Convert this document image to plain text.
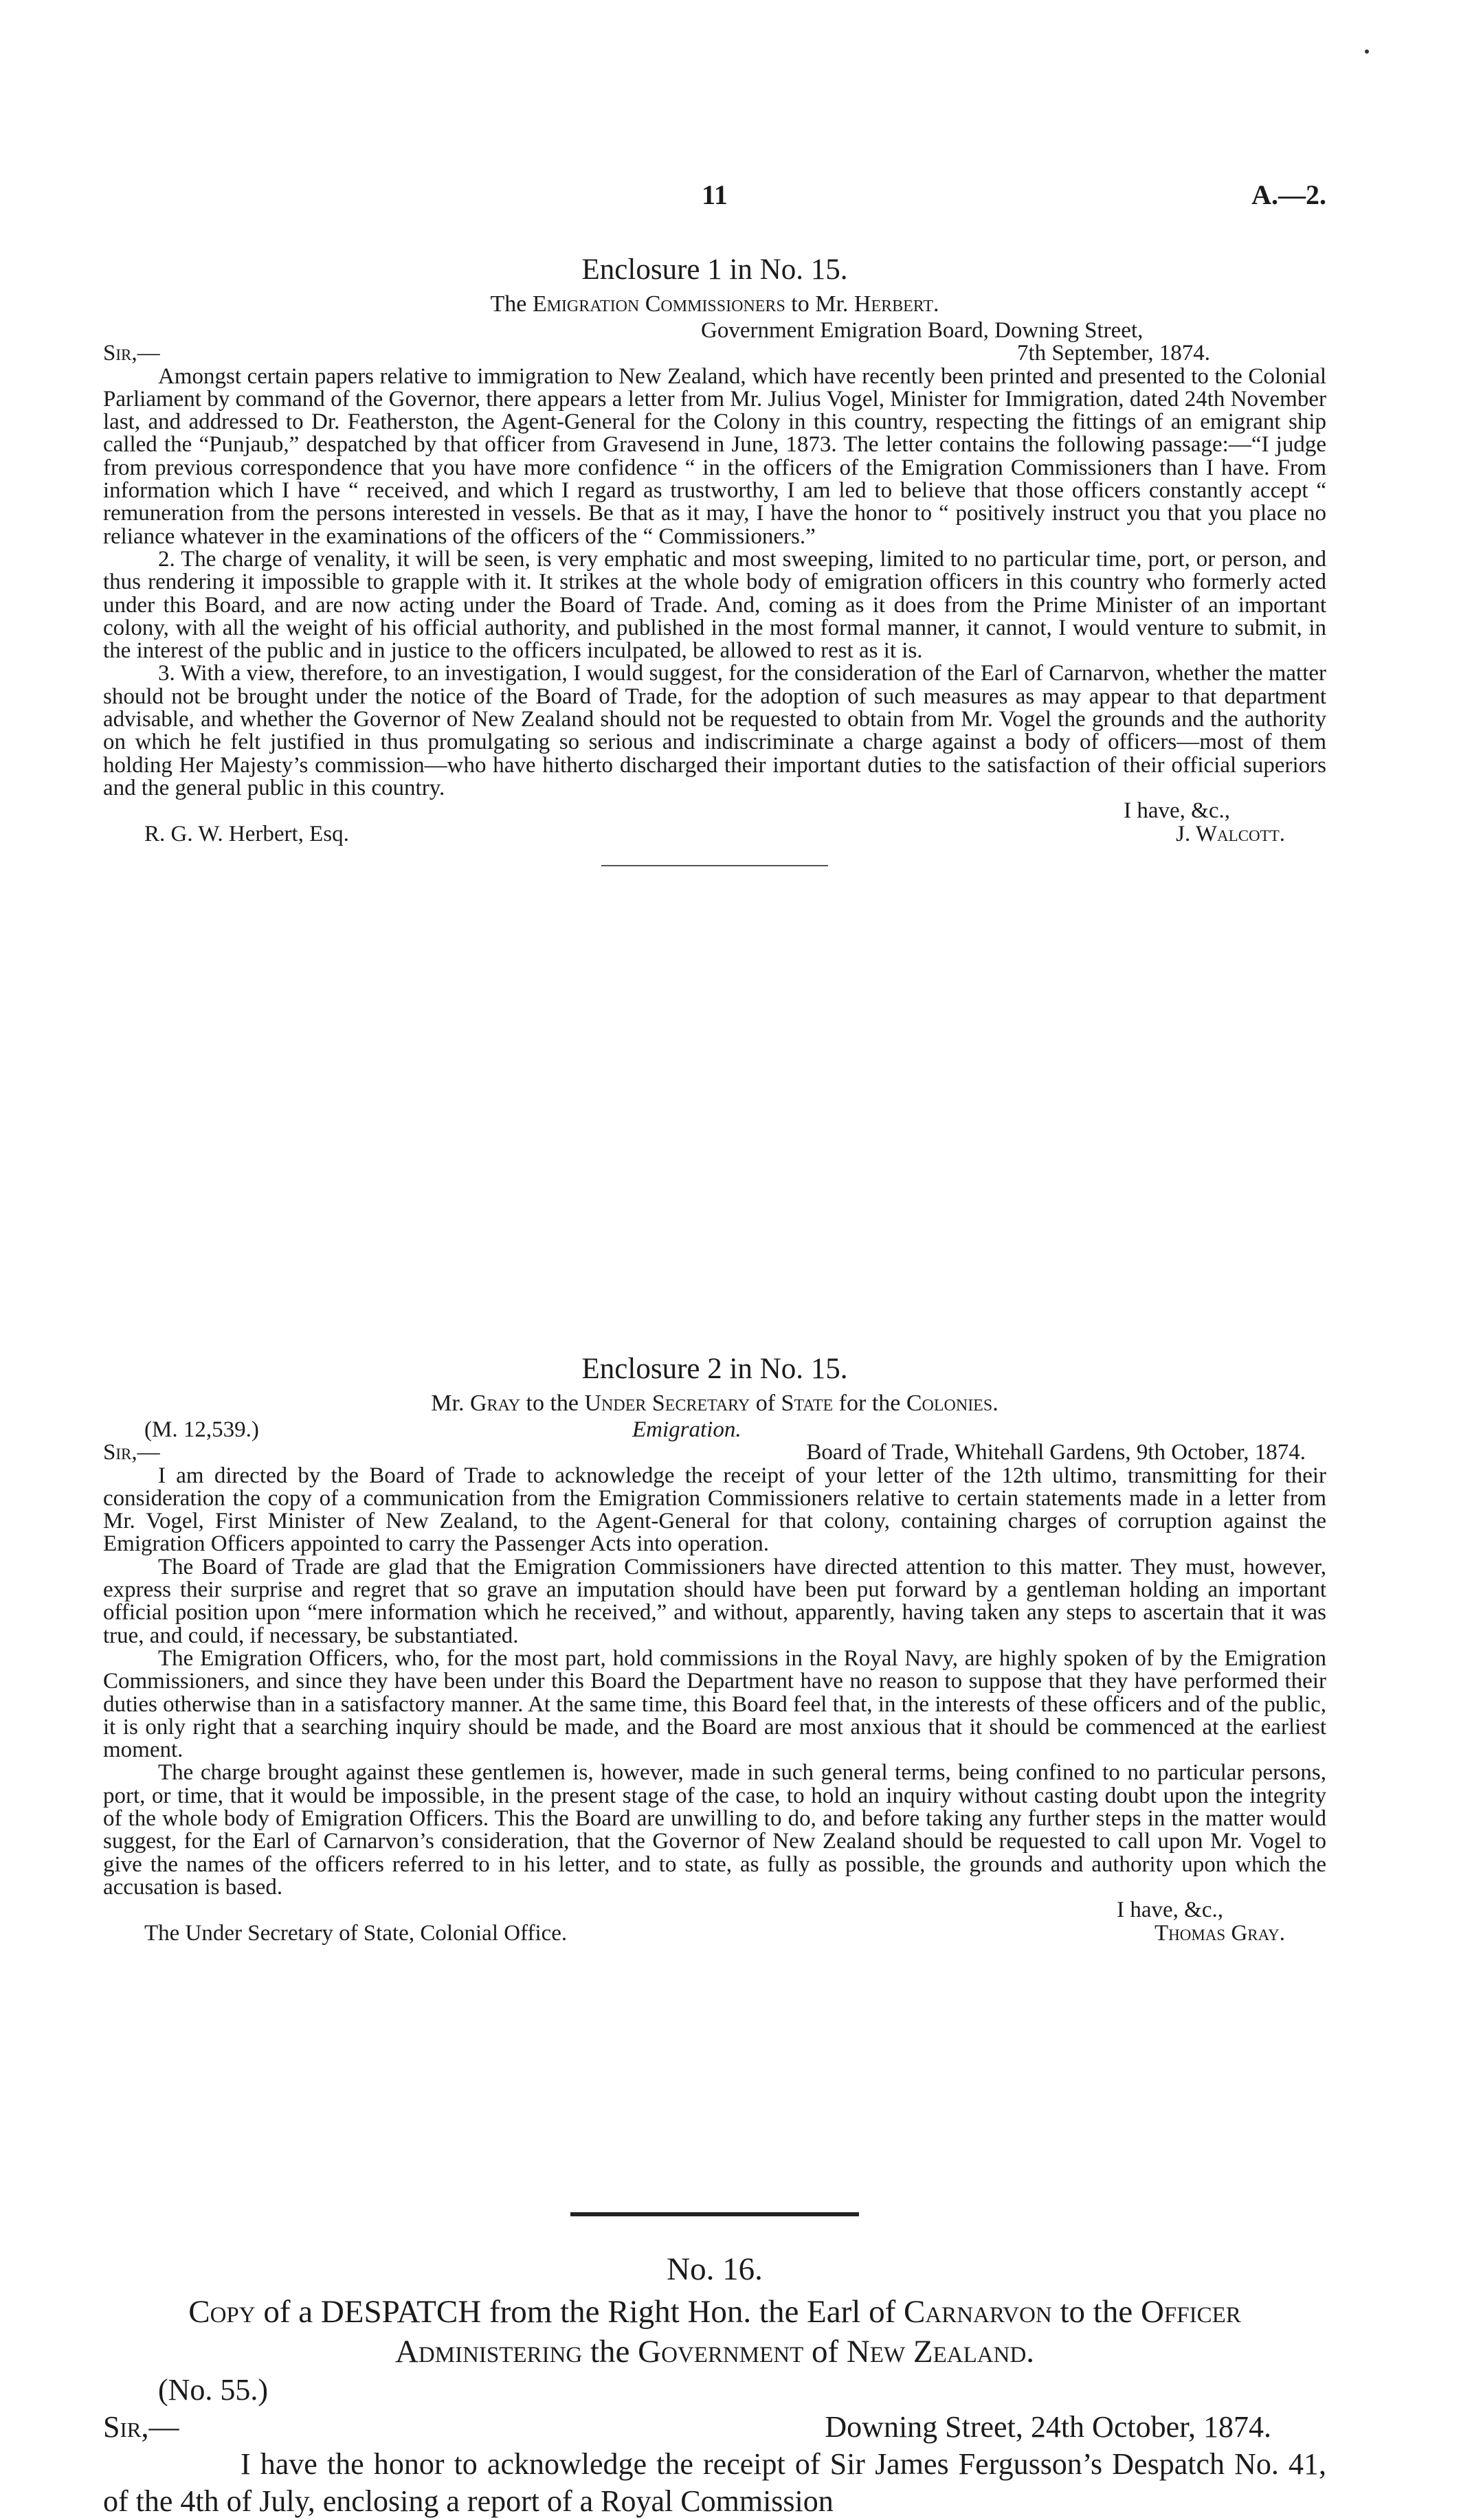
11	A.—2.
Enclosure 1 in No. 15.
The Emigration Commissioners to Mr. Herbert.
Government Emigration Board, Downing Street,
Sir,—	7th September, 1874.

Amongst certain papers relative to immigration to New Zealand, which have recently been printed and presented to the Colonial Parliament by command of the Governor, there appears a letter from Mr. Julius Vogel, Minister for Immigration, dated 24th November last, and addressed to Dr. Featherston, the Agent-General for the Colony in this country, respecting the fittings of an emigrant ship called the “Punjaub,” despatched by that officer from Gravesend in June, 1873. The letter contains the following passage:—“I judge from previous correspondence that you have more confidence “ in the officers of the Emigration Commissioners than I have. From information which I have “ received, and which I regard as trustworthy, I am led to believe that those officers constantly accept “ remuneration from the persons interested in vessels. Be that as it may, I have the honor to “ positively instruct you that you place no reliance whatever in the examinations of the officers of the “ Commissioners.”

2. The charge of venality, it will be seen, is very emphatic and most sweeping, limited to no particular time, port, or person, and thus rendering it impossible to grapple with it. It strikes at the whole body of emigration officers in this country who formerly acted under this Board, and are now acting under the Board of Trade. And, coming as it does from the Prime Minister of an important colony, with all the weight of his official authority, and published in the most formal manner, it cannot, I would venture to submit, in the interest of the public and in justice to the officers inculpated, be allowed to rest as it is.

3. With a view, therefore, to an investigation, I would suggest, for the consideration of the Earl of Carnarvon, whether the matter should not be brought under the notice of the Board of Trade, for the adoption of such measures as may appear to that department advisable, and whether the Governor of New Zealand should not be requested to obtain from Mr. Vogel the grounds and the authority on which he felt justified in thus promulgating so serious and indiscriminate a charge against a body of officers—most of them holding Her Majesty’s commission—who have hitherto discharged their important duties to the satisfaction of their official superiors and the general public in this country.

I have, &c.,
R. G. W. Herbert, Esq.	J. Walcott.
Enclosure 2 in No. 15.
Mr. Gray to the Under Secretary of State for the Colonies.
(M. 12,539.)	Emigration.
Sir,—	Board of Trade, Whitehall Gardens, 9th October, 1874.

I am directed by the Board of Trade to acknowledge the receipt of your letter of the 12th ultimo, transmitting for their consideration the copy of a communication from the Emigration Commissioners relative to certain statements made in a letter from Mr. Vogel, First Minister of New Zealand, to the Agent-General for that colony, containing charges of corruption against the Emigration Officers appointed to carry the Passenger Acts into operation.

The Board of Trade are glad that the Emigration Commissioners have directed attention to this matter. They must, however, express their surprise and regret that so grave an imputation should have been put forward by a gentleman holding an important official position upon “mere information which he received,” and without, apparently, having taken any steps to ascertain that it was true, and could, if necessary, be substantiated.

The Emigration Officers, who, for the most part, hold commissions in the Royal Navy, are highly spoken of by the Emigration Commissioners, and since they have been under this Board the Department have no reason to suppose that they have performed their duties otherwise than in a satisfactory manner. At the same time, this Board feel that, in the interests of these officers and of the public, it is only right that a searching inquiry should be made, and the Board are most anxious that it should be commenced at the earliest moment.

The charge brought against these gentlemen is, however, made in such general terms, being confined to no particular persons, port, or time, that it would be impossible, in the present stage of the case, to hold an inquiry without casting doubt upon the integrity of the whole body of Emigration Officers. This the Board are unwilling to do, and before taking any further steps in the matter would suggest, for the Earl of Carnarvon’s consideration, that the Governor of New Zealand should be requested to call upon Mr. Vogel to give the names of the officers referred to in his letter, and to state, as fully as possible, the grounds and authority upon which the accusation is based.

I have, &c.,
The Under Secretary of State, Colonial Office.	Thomas Gray.
No. 16.
Copy of a DESPATCH from the Right Hon. the Earl of Carnarvon to the Officer Administering the Government of New Zealand.
(No. 55.)
Sir,—	Downing Street, 24th October, 1874.

I have the honor to acknowledge the receipt of Sir James Fergusson’s Despatch No. 41, of the 4th of July, enclosing a report of a Royal Commission
